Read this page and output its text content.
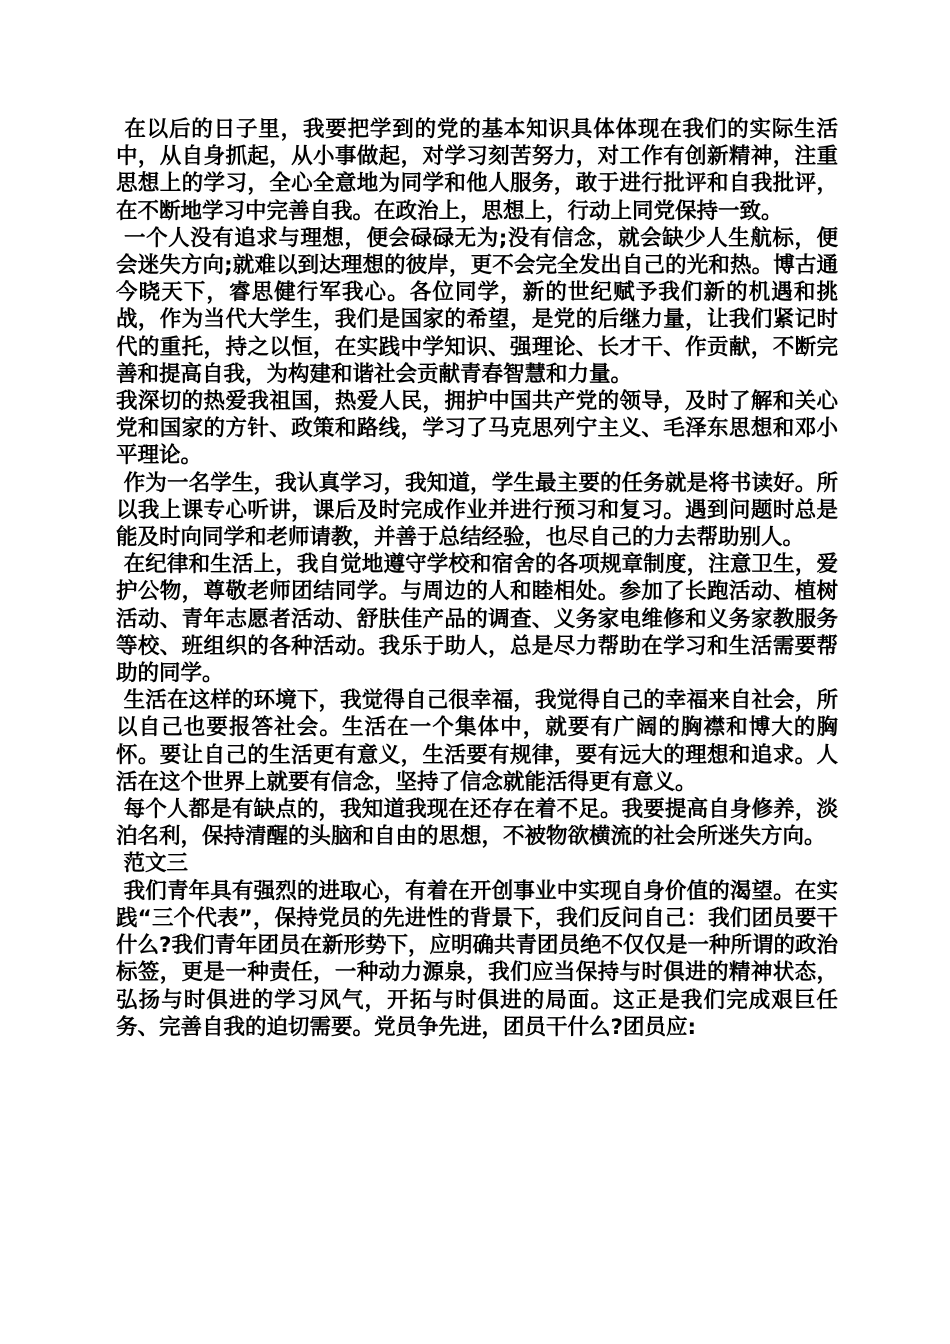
在以后的日子里，我要把学到的党的基本知识具体体现在我们的实际生活中，从自身抓起，从小事做起，对学习刻苦努力，对工作有创新精神，注重思想上的学习，全心全意地为同学和他人服务，敢于进行批评和自我批评，在不断地学习中完善自我。在政治上，思想上，行动上同党保持一致。

一个人没有追求与理想，便会碌碌无为;没有信念，就会缺少人生航标，便会迷失方向;就难以到达理想的彼岸，更不会完全发出自己的光和热。博古通今晓天下，睿思健行军我心。各位同学，新的世纪赋予我们新的机遇和挑战，作为当代大学生，我们是国家的希望，是党的后继力量，让我们紧记时代的重托，持之以恒，在实践中学知识、强理论、长才干、作贡献，不断完善和提高自我，为构建和谐社会贡献青春智慧和力量。

我深切的热爱我祖国，热爱人民，拥护中国共产党的领导，及时了解和关心党和国家的方针、政策和路线，学习了马克思列宁主义、毛泽东思想和邓小平理论。

作为一名学生，我认真学习，我知道，学生最主要的任务就是将书读好。所以我上课专心听讲，课后及时完成作业并进行预习和复习。遇到问题时总是能及时向同学和老师请教，并善于总结经验，也尽自己的力去帮助别人。

在纪律和生活上，我自觉地遵守学校和宿舍的各项规章制度，注意卫生，爱护公物，尊敬老师团结同学。与周边的人和睦相处。参加了长跑活动、植树活动、青年志愿者活动、舒肤佳产品的调查、义务家电维修和义务家教服务等校、班组织的各种活动。我乐于助人，总是尽力帮助在学习和生活需要帮助的同学。

生活在这样的环境下，我觉得自己很幸福，我觉得自己的幸福来自社会，所以自己也要报答社会。生活在一个集体中，就要有广阔的胸襟和博大的胸怀。要让自己的生活更有意义，生活要有规律，要有远大的理想和追求。人活在这个世界上就要有信念，坚持了信念就能活得更有意义。

每个人都是有缺点的，我知道我现在还存在着不足。我要提高自身修养，淡泊名利，保持清醒的头脑和自由的思想，不被物欲横流的社会所迷失方向。

范文三

我们青年具有强烈的进取心，有着在开创事业中实现自身价值的渴望。在实践“三个代表”，保持党员的先进性的背景下，我们反问自己：我们团员要干什么?我们青年团员在新形势下，应明确共青团员绝不仅仅是一种所谓的政治标签，更是一种责任，一种动力源泉，我们应当保持与时俱进的精神状态，弘扬与时俱进的学习风气，开拓与时俱进的局面。这正是我们完成艰巨任务、完善自我的迫切需要。党员争先进，团员干什么?团员应:
